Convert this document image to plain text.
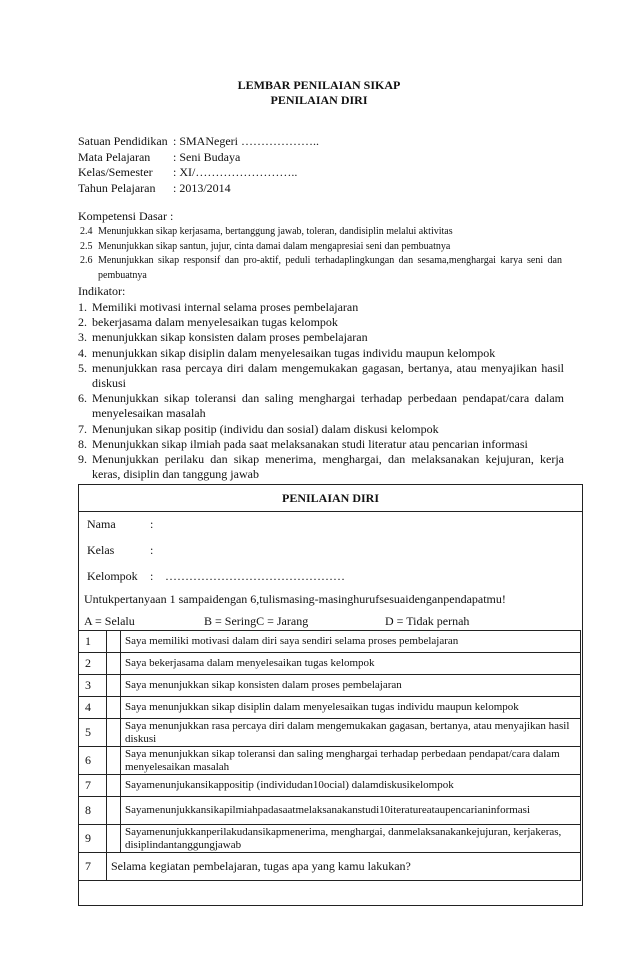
LEMBAR PENILAIAN SIKAP
PENILAIAN DIRI
Satuan Pendidikan : SMANegeri ………………..
Mata Pelajaran	: Seni Budaya
Kelas/Semester	: XI/……………………..
Tahun Pelajaran	: 2013/2014
Kompetensi Dasar :
2.4 Menunjukkan sikap kerjasama, bertanggung jawab, toleran, dandisiplin melalui aktivitas
2.5 Menunjukkan sikap santun, jujur, cinta damai dalam mengapresiai seni dan pembuatnya
2.6 Menunjukkan sikap responsif dan pro-aktif, peduli terhadaplingkungan dan sesama,menghargai karya seni dan pembuatnya
Indikator:
1. Memiliki motivasi internal selama proses pembelajaran
2. bekerjasama dalam menyelesaikan tugas kelompok
3. menunjukkan sikap konsisten dalam proses pembelajaran
4. menunjukkan sikap disiplin dalam menyelesaikan tugas individu maupun kelompok
5. menunjukkan rasa percaya diri dalam mengemukakan gagasan, bertanya, atau menyajikan hasil diskusi
6. Menunjukkan sikap toleransi dan saling menghargai terhadap perbedaan pendapat/cara dalam menyelesaikan masalah
7. Menunjukan sikap positip (individu dan sosial) dalam diskusi kelompok
8. Menunjukkan sikap ilmiah pada saat melaksanakan studi literatur atau pencarian informasi
9. Menunjukkan perilaku dan sikap menerima, menghargai, dan melaksanakan kejujuran, kerja keras, disiplin dan tanggung jawab
PENILAIAN DIRI
Nama	:
Kelas	:
Kelompok	: ………………………………………
Untukpertanyaan 1 sampaidengan 6,tulismasing-masinghurufsesuaidenganpendapatmu!
A = Selalu	B = SeringC = Jarang	D = Tidak pernah
1		Saya memiliki motivasi dalam diri saya sendiri selama proses pembelajaran
2		Saya bekerjasama dalam menyelesaikan tugas kelompok
3		Saya menunjukkan sikap konsisten dalam proses pembelajaran
4		Saya menunjukkan sikap disiplin dalam menyelesaikan tugas individu maupun kelompok
5		Saya menunjukkan rasa percaya diri dalam mengemukakan gagasan, bertanya, atau menyajikan hasil diskusi
6		Saya menunjukkan sikap toleransi dan saling menghargai terhadap perbedaan pendapat/cara dalam menyelesaikan masalah
7		Sayamenunjukansikappositip (individudan10ocial) dalamdiskusikelompok
8		Sayamenunjukkansikapilmiahpadasaatmelaksanakanstudi10iteratureataupencarianinformasi
9		Sayamenunjukkanperilakudansikapmenerima, menghargai, danmelaksanakankejujuran, kerjakeras, disiplindantanggungjawab
7	Selama kegiatan pembelajaran, tugas apa yang kamu lakukan?	
